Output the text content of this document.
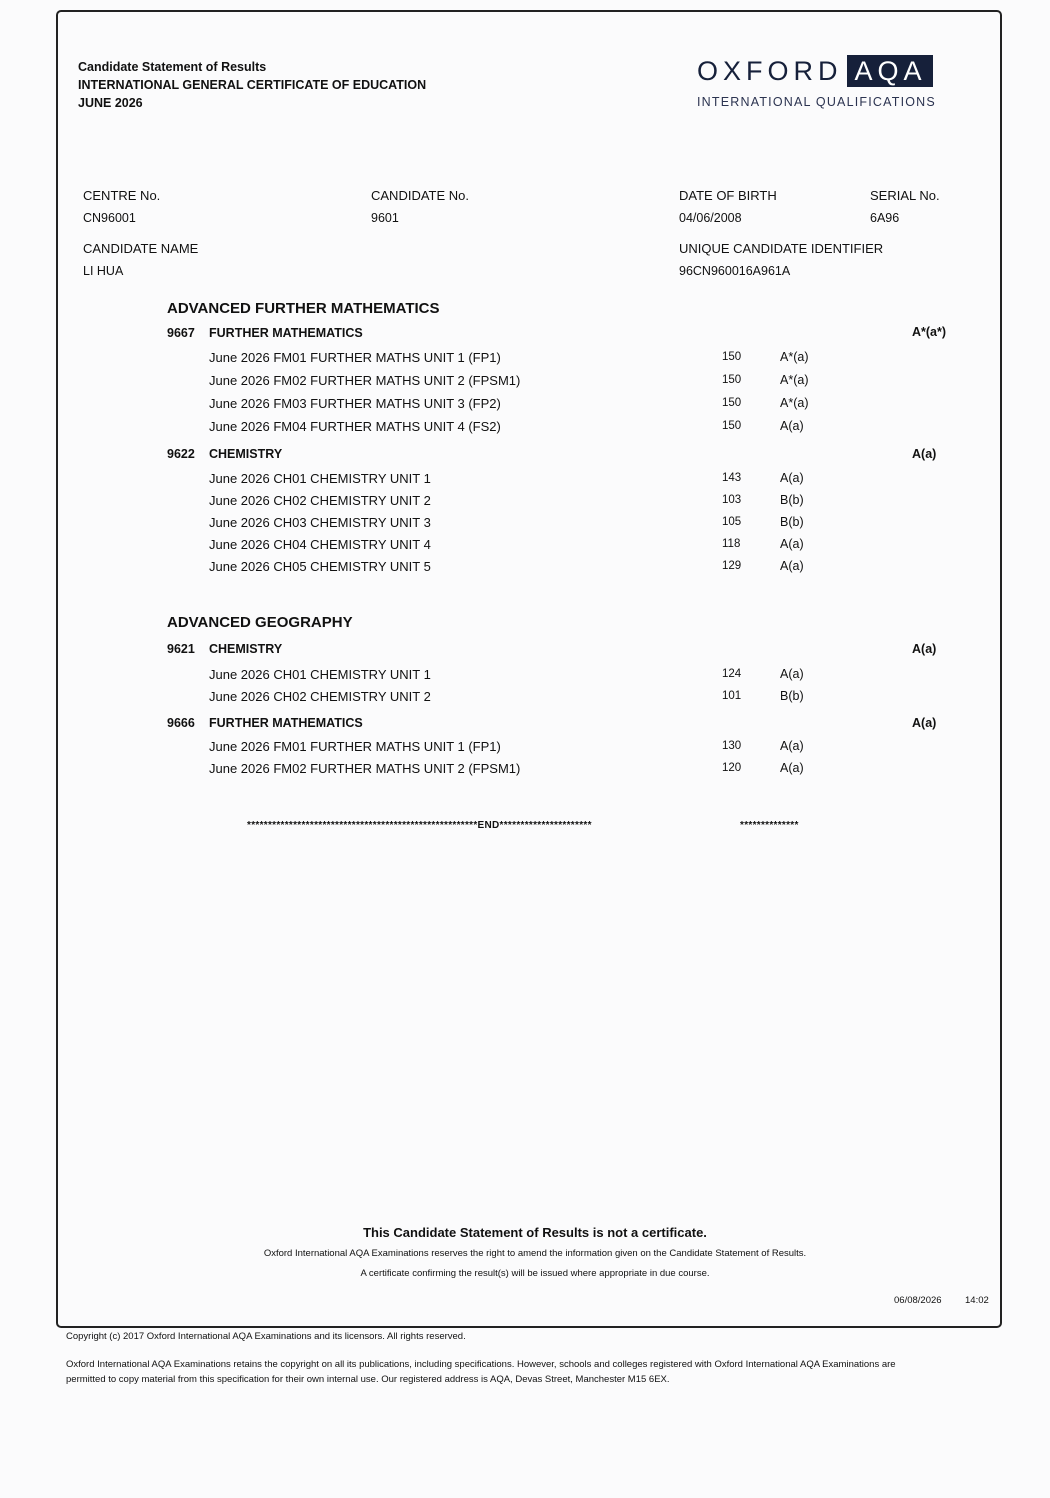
Candidate Statement of Results
INTERNATIONAL GENERAL CERTIFICATE OF EDUCATION
JUNE 2026
OXFORD AQA
INTERNATIONAL QUALIFICATIONS
CENTRE No.
CN96001
CANDIDATE No.
9601
DATE OF BIRTH
04/06/2008
SERIAL No.
6A96
CANDIDATE NAME
LI HUA
UNIQUE CANDIDATE IDENTIFIER
96CN960016A961A
ADVANCED FURTHER MATHEMATICS
9667 FURTHER MATHEMATICS	A*(a*)
June 2026 FM01 FURTHER MATHS UNIT 1 (FP1)	150	A*(a)
June 2026 FM02 FURTHER MATHS UNIT 2 (FPSM1)	150	A*(a)
June 2026 FM03 FURTHER MATHS UNIT 3 (FP2)	150	A*(a)
June 2026 FM04 FURTHER MATHS UNIT 4 (FS2)	150	A(a)
9622 CHEMISTRY	A(a)
June 2026 CH01 CHEMISTRY UNIT 1	143	A(a)
June 2026 CH02 CHEMISTRY UNIT 2	103	B(b)
June 2026 CH03 CHEMISTRY UNIT 3	105	B(b)
June 2026 CH04 CHEMISTRY UNIT 4	118	A(a)
June 2026 CH05 CHEMISTRY UNIT 5	129	A(a)
ADVANCED GEOGRAPHY
9621 CHEMISTRY	A(a)
June 2026 CH01 CHEMISTRY UNIT 1	124	A(a)
June 2026 CH02 CHEMISTRY UNIT 2	101	B(b)
9666 FURTHER MATHEMATICS	A(a)
June 2026 FM01 FURTHER MATHS UNIT 1 (FP1)	130	A(a)
June 2026 FM02 FURTHER MATHS UNIT 2 (FPSM1)	120	A(a)
*******************************************************END**********************	**************
This Candidate Statement of Results is not a certificate.
Oxford International AQA Examinations reserves the right to amend the information given on the Candidate Statement of Results.
A certificate confirming the result(s) will be issued where appropriate in due course.
06/08/2026 14:02
Copyright (c) 2017 Oxford International AQA Examinations and its licensors. All rights reserved.
Oxford International AQA Examinations retains the copyright on all its publications, including specifications. However, schools and colleges registered with Oxford International AQA Examinations are
permitted to copy material from this specification for their own internal use. Our registered address is AQA, Devas Street, Manchester M15 6EX.
